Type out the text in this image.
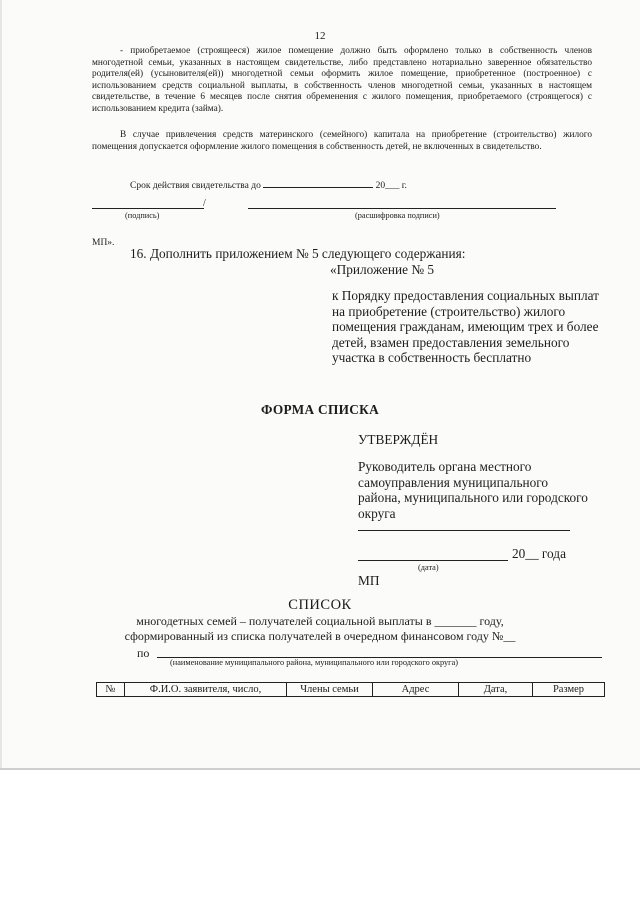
12
- приобретаемое (строящееся) жилое помещение должно быть оформлено только в собственность членов многодетной семьи, указанных в настоящем свидетельстве, либо представлено нотариально заверенное обязательство родителя(ей) (усыновителя(ей)) многодетной семьи оформить жилое помещение, приобретенное (построенное) с использованием средств социальной выплаты, в собственность членов многодетной семьи, указанных в настоящем свидетельстве, в течение 6 месяцев после снятия обременения с жилого помещения, приобретаемого (строящегося) с использованием кредита (займа).
В случае привлечения средств материнского (семейного) капитала на приобретение (строительство) жилого помещения допускается оформление жилого помещения в собственность детей, не включенных в свидетельство.
Срок действия свидетельства до	20___ г.
/
(подпись)	(расшифровка подписи)
МП».
16. Дополнить приложением № 5 следующего содержания:
«Приложение № 5
к Порядку предоставления социальных выплат на приобретение (строительство) жилого помещения гражданам, имеющим трех и более детей, взамен предоставления земельного участка в собственность бесплатно
ФОРМА СПИСКА
УТВЕРЖДЁН
Руководитель органа местного самоуправления муниципального района, муниципального или городского округа
20__ года
(дата)
МП
СПИСОК
многодетных семей – получателей социальной выплаты в _______ году,
сформированный из списка получателей в очередном финансовом году №__
по
(наименование муниципального района, муниципального или городского округа)
№	Ф.И.О. заявителя, число,	Члены семьи	Адрес	Дата,	Размер
